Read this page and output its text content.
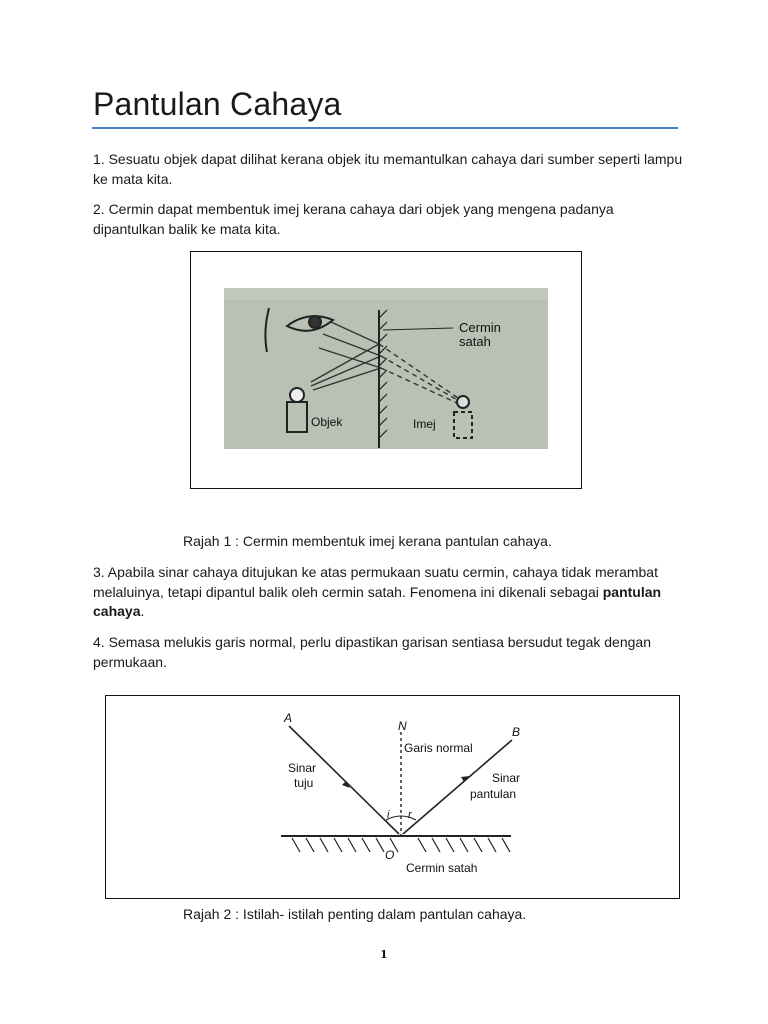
Pantulan Cahaya
1. Sesuatu objek dapat dilihat kerana objek itu memantulkan cahaya dari sumber seperti lampu ke mata kita.
2. Cermin dapat membentuk imej kerana cahaya dari objek yang mengena padanya dipantulkan balik ke mata kita.
Cermin
satah
Objek	Imej
Rajah 1 : Cermin membentuk imej kerana pantulan cahaya.
3. Apabila sinar cahaya ditujukan ke atas permukaan suatu cermin, cahaya tidak merambat melaluinya, tetapi dipantul balik oleh cermin satah. Fenomena ini dikenali sebagai pantulan cahaya.
4. Semasa melukis garis normal, perlu dipastikan garisan sentiasa bersudut tegak dengan permukaan.
A
N	B
Garis normal
Sinar
tuju	Sinar
pantulan
i r
O
Cermin satah
Rajah 2 : Istilah- istilah penting dalam pantulan cahaya.
1
